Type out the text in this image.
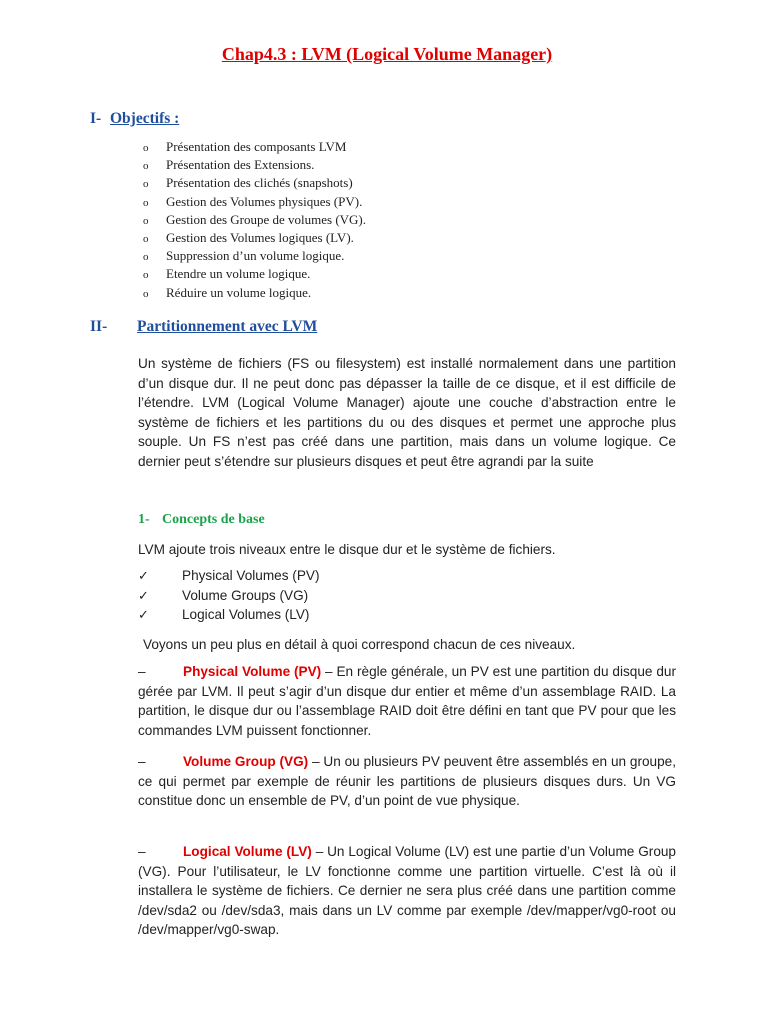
Chap4.3 : LVM (Logical Volume Manager)
I- Objectifs :
o Présentation des composants LVM
o Présentation des Extensions.
o Présentation des clichés (snapshots)
o Gestion des Volumes physiques (PV).
o Gestion des Groupe de volumes (VG).
o Gestion des Volumes logiques (LV).
o Suppression d’un volume logique.
o Etendre un volume logique.
o Réduire un volume logique.
II- Partitionnement avec LVM

Un système de fichiers (FS ou filesystem) est installé normalement dans une partition d’un disque dur. Il ne peut donc pas dépasser la taille de ce disque, et il est difficile de l’étendre. LVM (Logical Volume Manager) ajoute une couche d’abstraction entre le système de fichiers et les partitions du ou des disques et permet une approche plus souple. Un FS n’est pas créé dans une partition, mais dans un volume logique. Ce dernier peut s’étendre sur plusieurs disques et peut être agrandi par la suite

1- Concepts de base

LVM ajoute trois niveaux entre le disque dur et le système de fichiers.

✓ Physical Volumes (PV)
✓ Volume Groups (VG)
✓ Logical Volumes (LV)

Voyons un peu plus en détail à quoi correspond chacun de ces niveaux.

–	Physical Volume (PV) – En règle générale, un PV est une partition du disque dur gérée par LVM. Il peut s’agir d’un disque dur entier et même d’un assemblage RAID. La partition, le disque dur ou l’assemblage RAID doit être défini en tant que PV pour que les commandes LVM puissent fonctionner.

–	Volume Group (VG) – Un ou plusieurs PV peuvent être assemblés en un groupe, ce qui permet par exemple de réunir les partitions de plusieurs disques durs. Un VG constitue donc un ensemble de PV, d’un point de vue physique.

–	Logical Volume (LV) – Un Logical Volume (LV) est une partie d’un Volume Group (VG). Pour l’utilisateur, le LV fonctionne comme une partition virtuelle. C’est là où il installera le système de fichiers. Ce dernier ne sera plus créé dans une partition comme /dev/sda2 ou /dev/sda3, mais dans un LV comme par exemple /dev/mapper/vg0-root ou /dev/mapper/vg0-swap.
